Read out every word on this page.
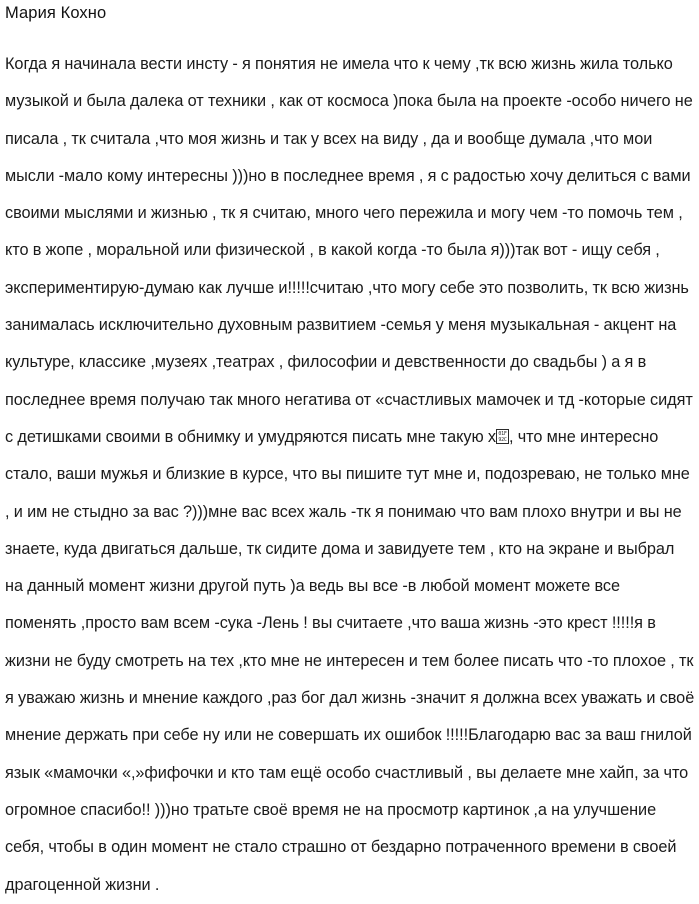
Мария Кохно

Когда я начинала вести инсту - я понятия не имела что к чему ,тк всю жизнь жила только музыкой и была далека от техники , как от космоса )пока была на проекте -особо ничего не писала , тк считала ,что моя жизнь и так у всех на виду , да и вообще думала ,что мои мысли -мало кому интересны )))но в последнее время , я с радостью хочу делиться с вами своими мыслями и жизнью , тк я считаю, много чего пережила и могу чем -то помочь тем , кто в жопе , моральной или физической , в какой когда -то была я)))так вот - ищу себя , экспериментирую-думаю как лучше и!!!!!считаю ,что могу себе это позволить, тк всю жизнь занималась исключительно духовным развитием -семья у меня музыкальная - акцент на культуре, классике ,музеях ,театрах , философии и девственности до свадьбы ) а я в последнее время получаю так много негатива от «счастливых мамочек и тд -которые сидят с детишками своими в обнимку и умудряются писать мне такую х 01F
92C , что мне интересно стало, ваши мужья и близкие в курсе, что вы пишите тут мне и, подозреваю, не только мне , и им не стыдно за вас ?)))мне вас всех жаль -тк я понимаю что вам плохо внутри и вы не знаете, куда двигаться дальше, тк сидите дома и завидуете тем , кто на экране и выбрал на данный момент жизни другой путь )а ведь вы все -в любой момент можете все поменять ,просто вам всем -сука -Лень ! вы считаете ,что ваша жизнь -это крест !!!!!я в жизни не буду смотреть на тех ,кто мне не интересен и тем более писать что -то плохое , тк я уважаю жизнь и мнение каждого ,раз бог дал жизнь -значит я должна всех уважать и своё мнение держать при себе ну или не совершать их ошибок !!!!!Благодарю вас за ваш гнилой язык «мамочки «,»фифочки и кто там ещё особо счастливый , вы делаете мне хайп, за что огромное спасибо!! )))но тратьте своё время не на просмотр картинок ,а на улучшение себя, чтобы в один момент не стало страшно от бездарно потраченного времени в своей драгоценной жизни .
